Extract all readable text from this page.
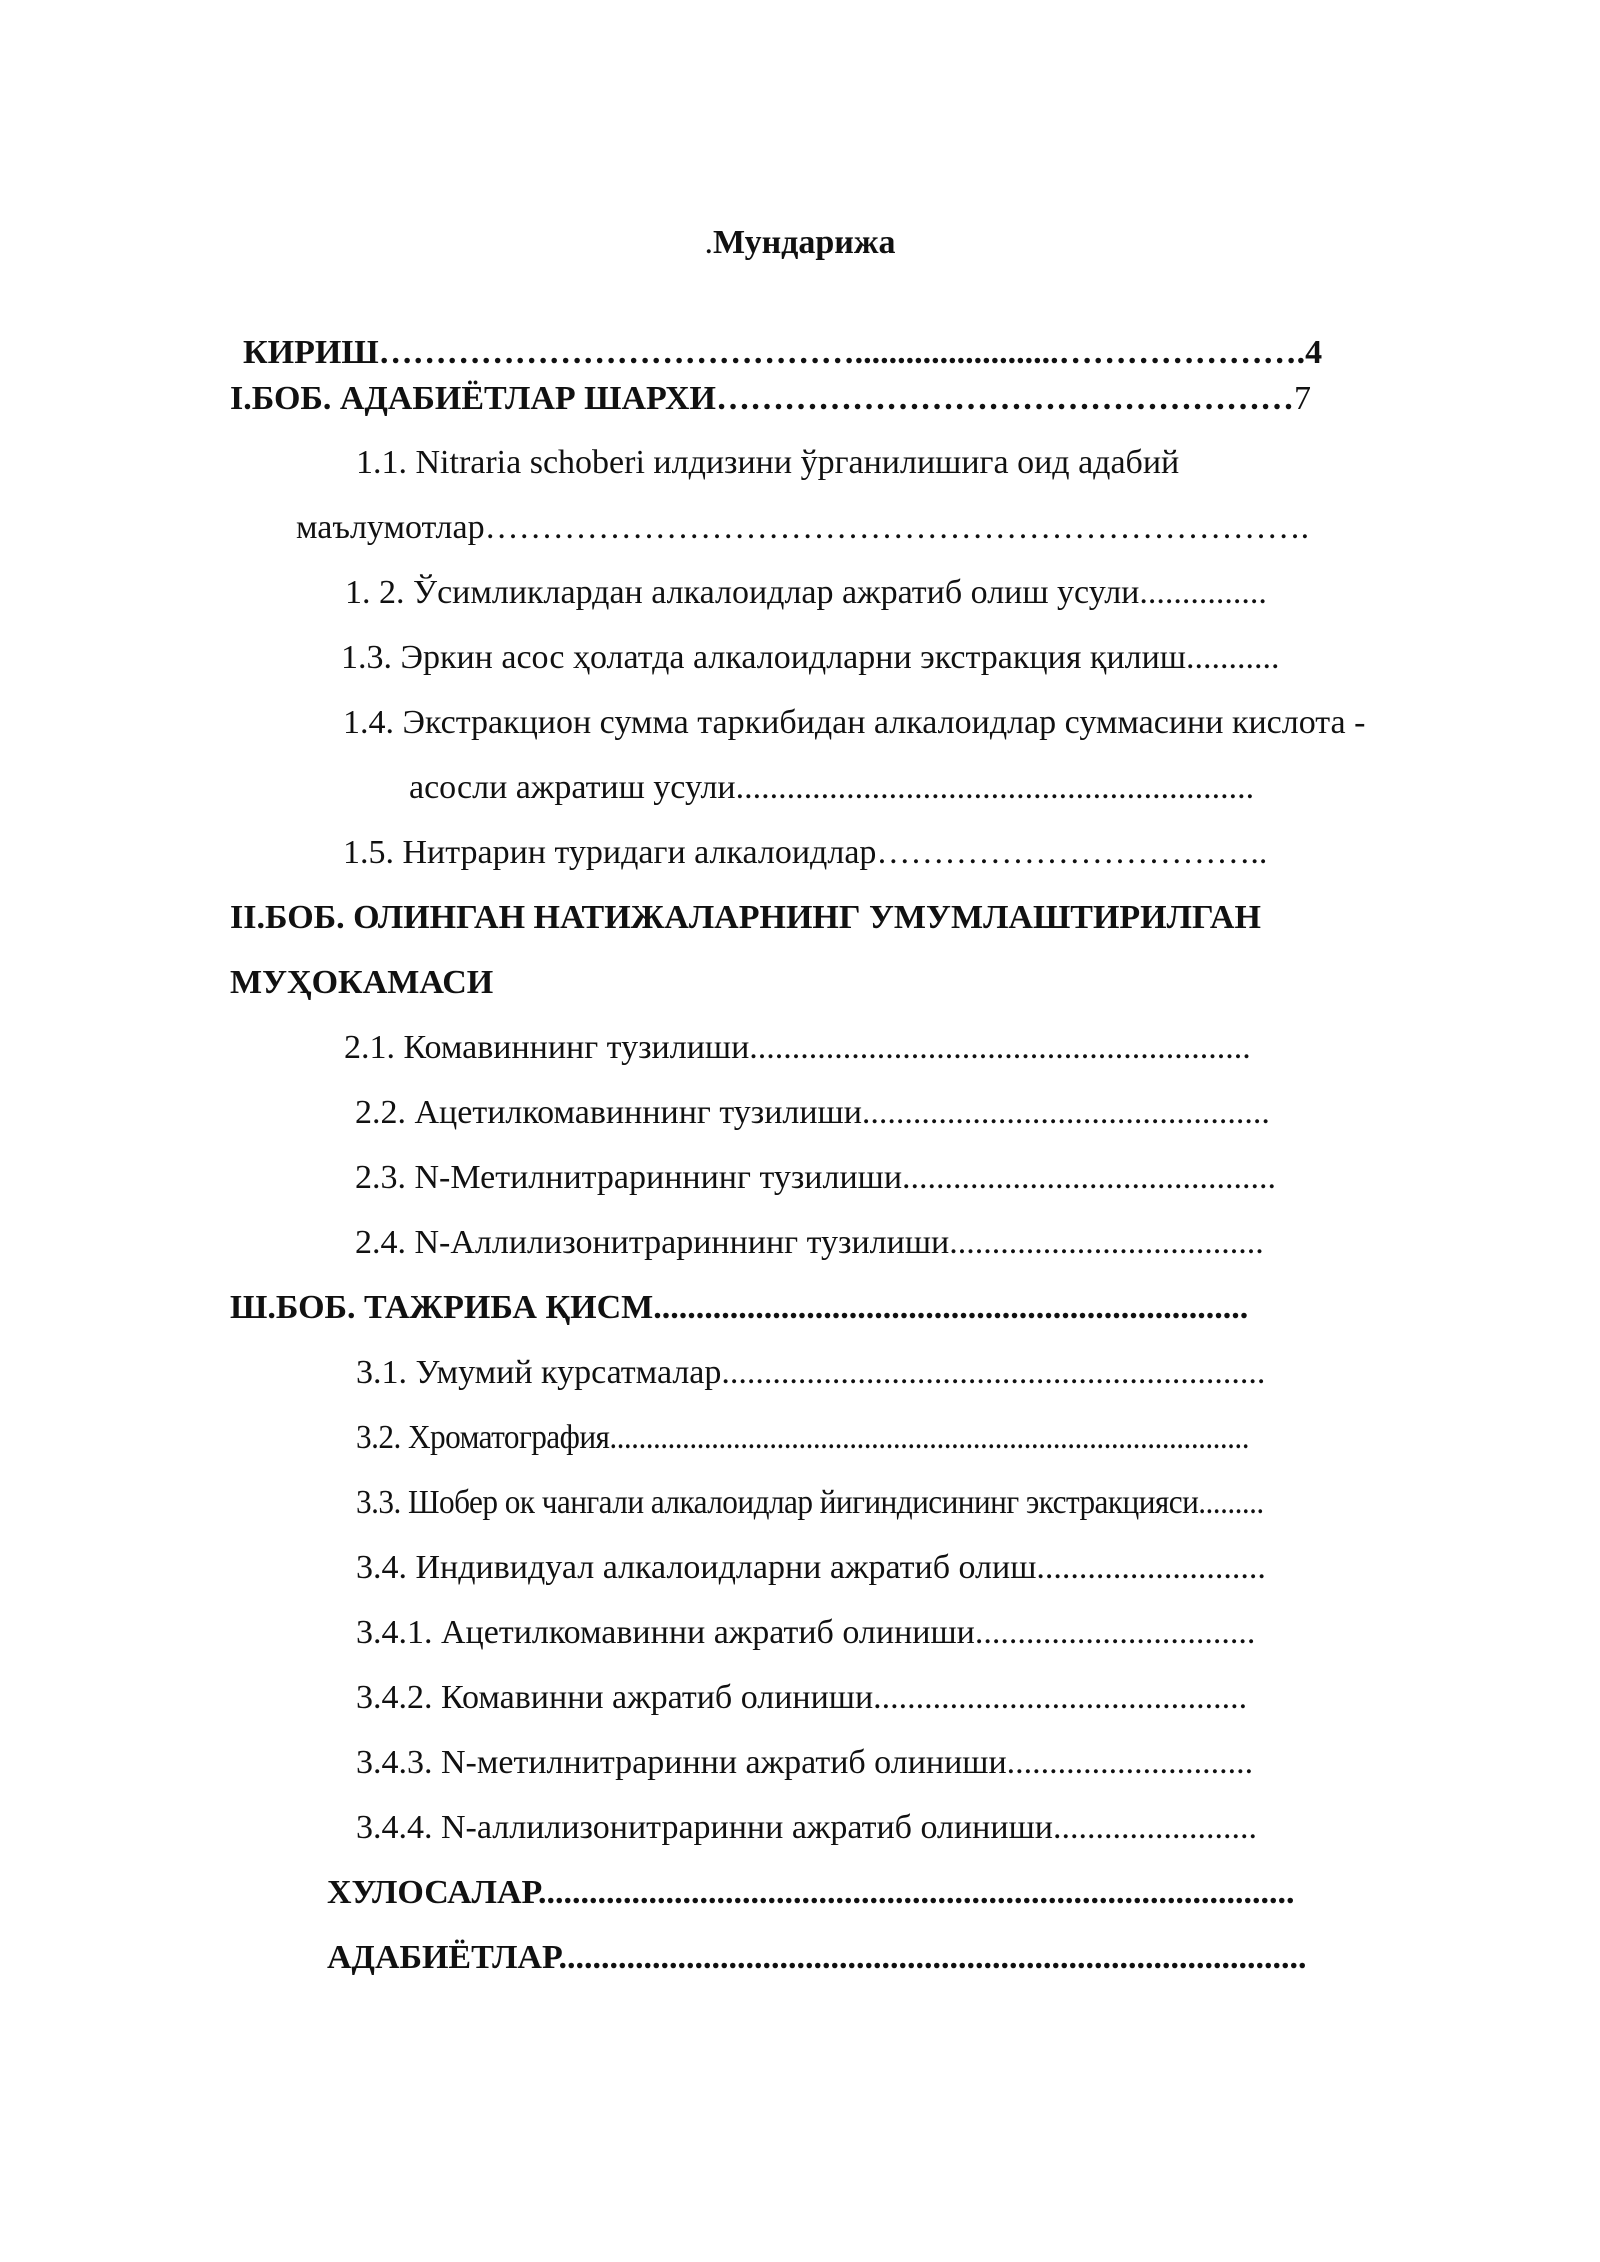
.Мундарижа
КИРИШ……………………………………........................………………….4
I.БОБ. АДАБИЁТЛАР ШАРХИ……………………………………………7
1.1. Nitraria schoberi илдизини ўрганилишига оид адабий
маълумотлар……………………………………………………………….
1. 2. Ўсимликлардан алкалоидлар ажратиб олиш усули...............
1.3. Эркин асос ҳолатда алкалоидларни экстракция қилиш...........
1.4. Экстракцион сумма таркибидан алкалоидлар суммасини кислота -
асосли ажратиш усули.............................................................
1.5. Нитрарин туридаги алкалоидлар……………………………..
II.БОБ. ОЛИНГАН НАТИЖАЛАРНИНГ УМУМЛАШТИРИЛГАН
МУҲОКАМАСИ
2.1. Комавиннинг тузилиши...........................................................
2.2. Ацетилкомавиннинг тузилиши................................................
2.3. N-Метилнитрариннинг тузилиши............................................
2.4. N-Аллилизонитрариннинг тузилиши.....................................
Ш.БОБ. ТАЖРИБА ҚИСМ......................................................................
3.1. Умумий курсатмалар................................................................
3.2. Хроматография........................................................................................
3.3. Шобер ок чангали алкалоидлар йигиндисининг экстракцияси.........
3.4. Индивидуал алкалоидларни ажратиб олиш...........................
3.4.1. Ацетилкомавинни ажратиб олиниши.................................
3.4.2. Комавинни ажратиб олиниши............................................
3.4.3. N-метилнитраринни ажратиб олиниши.............................
3.4.4. N-аллилизонитраринни ажратиб олиниши........................
ХУЛОСАЛАР.........................................................................................
АДАБИЁТЛАР........................................................................................
